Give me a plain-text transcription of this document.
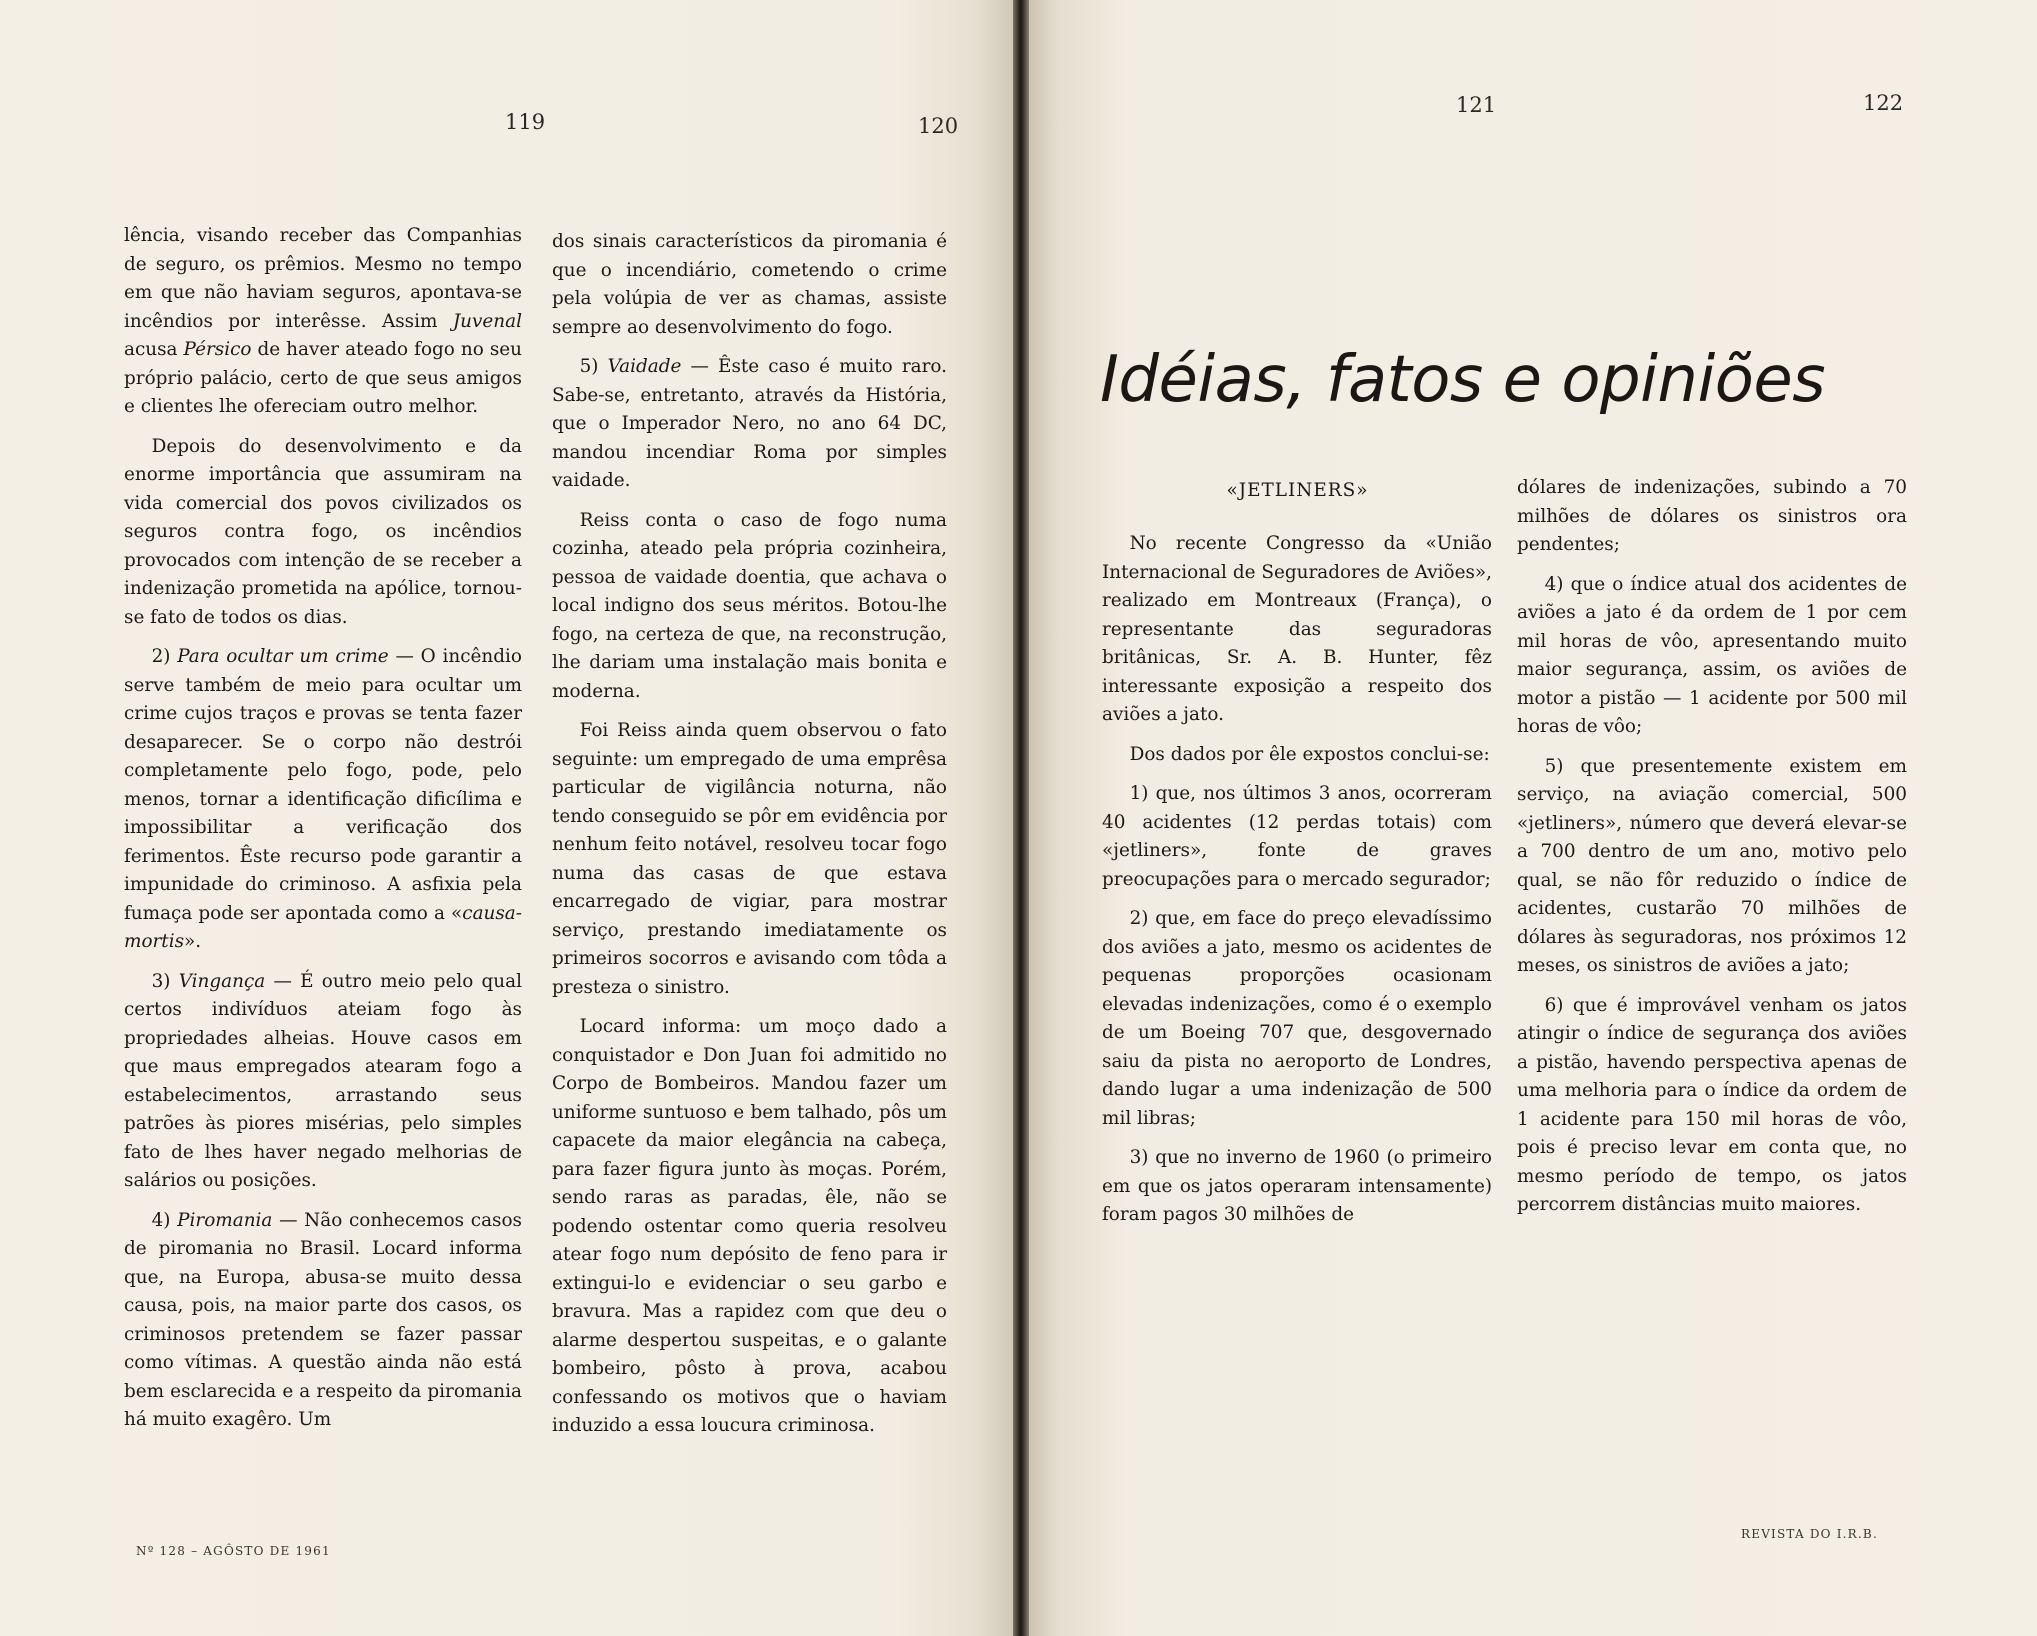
119	120
121	122

lência, visando receber das Companhias de seguro, os prêmios. Mesmo no tempo em que não haviam seguros, apontava-se incêndios por interêsse. Assim Juvenal acusa Pérsico de haver ateado fogo no seu próprio palácio, certo de que seus amigos e clientes lhe ofereciam outro melhor.

Depois do desenvolvimento e da enorme importância que assumiram na vida comercial dos povos civilizados os seguros contra fogo, os incêndios provocados com intenção de se receber a indenização prometida na apólice, tornou-se fato de todos os dias.

2) Para ocultar um crime — O incêndio serve também de meio para ocultar um crime cujos traços e provas se tenta fazer desaparecer. Se o corpo não destrói completamente pelo fogo, pode, pelo menos, tornar a identificação dificílima e impossibilitar a verificação dos ferimentos. Êste recurso pode garantir a impunidade do criminoso. A asfixia pela fumaça pode ser apontada como a «causa-mortis».

3) Vingança — É outro meio pelo qual certos indivíduos ateiam fogo às propriedades alheias. Houve casos em que maus empregados atearam fogo a estabelecimentos, arrastando seus patrões às piores misérias, pelo simples fato de lhes haver negado melhorias de salários ou posições.

4) Piromania — Não conhecemos casos de piromania no Brasil. Locard informa que, na Europa, abusa-se muito dessa causa, pois, na maior parte dos casos, os criminosos pretendem se fazer passar como vítimas. A questão ainda não está bem esclarecida e a respeito da piromania há muito exagêro. Um

dos sinais característicos da piromania é que o incendiário, cometendo o crime pela volúpia de ver as chamas, assiste sempre ao desenvolvimento do fogo.

5) Vaidade — Êste caso é muito raro. Sabe-se, entretanto, através da História, que o Imperador Nero, no ano 64 DC, mandou incendiar Roma por simples vaidade.

Reiss conta o caso de fogo numa cozinha, ateado pela própria cozinheira, pessoa de vaidade doentia, que achava o local indigno dos seus méritos. Botou-lhe fogo, na certeza de que, na reconstrução, lhe dariam uma instalação mais bonita e moderna.

Foi Reiss ainda quem observou o fato seguinte: um empregado de uma emprêsa particular de vigilância noturna, não tendo conseguido se pôr em evidência por nenhum feito notável, resolveu tocar fogo numa das casas de que estava encarregado de vigiar, para mostrar serviço, prestando imediatamente os primeiros socorros e avisando com tôda a presteza o sinistro.

Locard informa: um moço dado a conquistador e Don Juan foi admitido no Corpo de Bombeiros. Mandou fazer um uniforme suntuoso e bem talhado, pôs um capacete da maior elegância na cabeça, para fazer figura junto às moças. Porém, sendo raras as paradas, êle, não se podendo ostentar como queria resolveu atear fogo num depósito de feno para ir extingui-lo e evidenciar o seu garbo e bravura. Mas a rapidez com que deu o alarme despertou suspeitas, e o galante bombeiro, pôsto à prova, acabou confessando os motivos que o haviam induzido a essa loucura criminosa.

Idéias, fatos e opiniões
«JETLINERS»

No recente Congresso da «União Internacional de Seguradores de Aviões», realizado em Montreaux (França), o representante das seguradoras britânicas, Sr. A. B. Hunter, fêz interessante exposição a respeito dos aviões a jato.

Dos dados por êle expostos conclui-se:

1) que, nos últimos 3 anos, ocorreram 40 acidentes (12 perdas totais) com «jetliners», fonte de graves preocupações para o mercado segurador;

2) que, em face do preço elevadíssimo dos aviões a jato, mesmo os acidentes de pequenas proporções ocasionam elevadas indenizações, como é o exemplo de um Boeing 707 que, desgovernado saiu da pista no aeroporto de Londres, dando lugar a uma indenização de 500 mil libras;

3) que no inverno de 1960 (o primeiro em que os jatos operaram intensamente) foram pagos 30 milhões de

dólares de indenizações, subindo a 70 milhões de dólares os sinistros ora pendentes;

4) que o índice atual dos acidentes de aviões a jato é da ordem de 1 por cem mil horas de vôo, apresentando muito maior segurança, assim, os aviões de motor a pistão — 1 acidente por 500 mil horas de vôo;

5) que presentemente existem em serviço, na aviação comercial, 500 «jetliners», número que deverá elevar-se a 700 dentro de um ano, motivo pelo qual, se não fôr reduzido o índice de acidentes, custarão 70 milhões de dólares às seguradoras, nos próximos 12 meses, os sinistros de aviões a jato;

6) que é improvável venham os jatos atingir o índice de segurança dos aviões a pistão, havendo perspectiva apenas de uma melhoria para o índice da ordem de 1 acidente para 150 mil horas de vôo, pois é preciso levar em conta que, no mesmo período de tempo, os jatos percorrem distâncias muito maiores.

Nº 128 – AGÔSTO DE 1961
REVISTA DO I.R.B.
